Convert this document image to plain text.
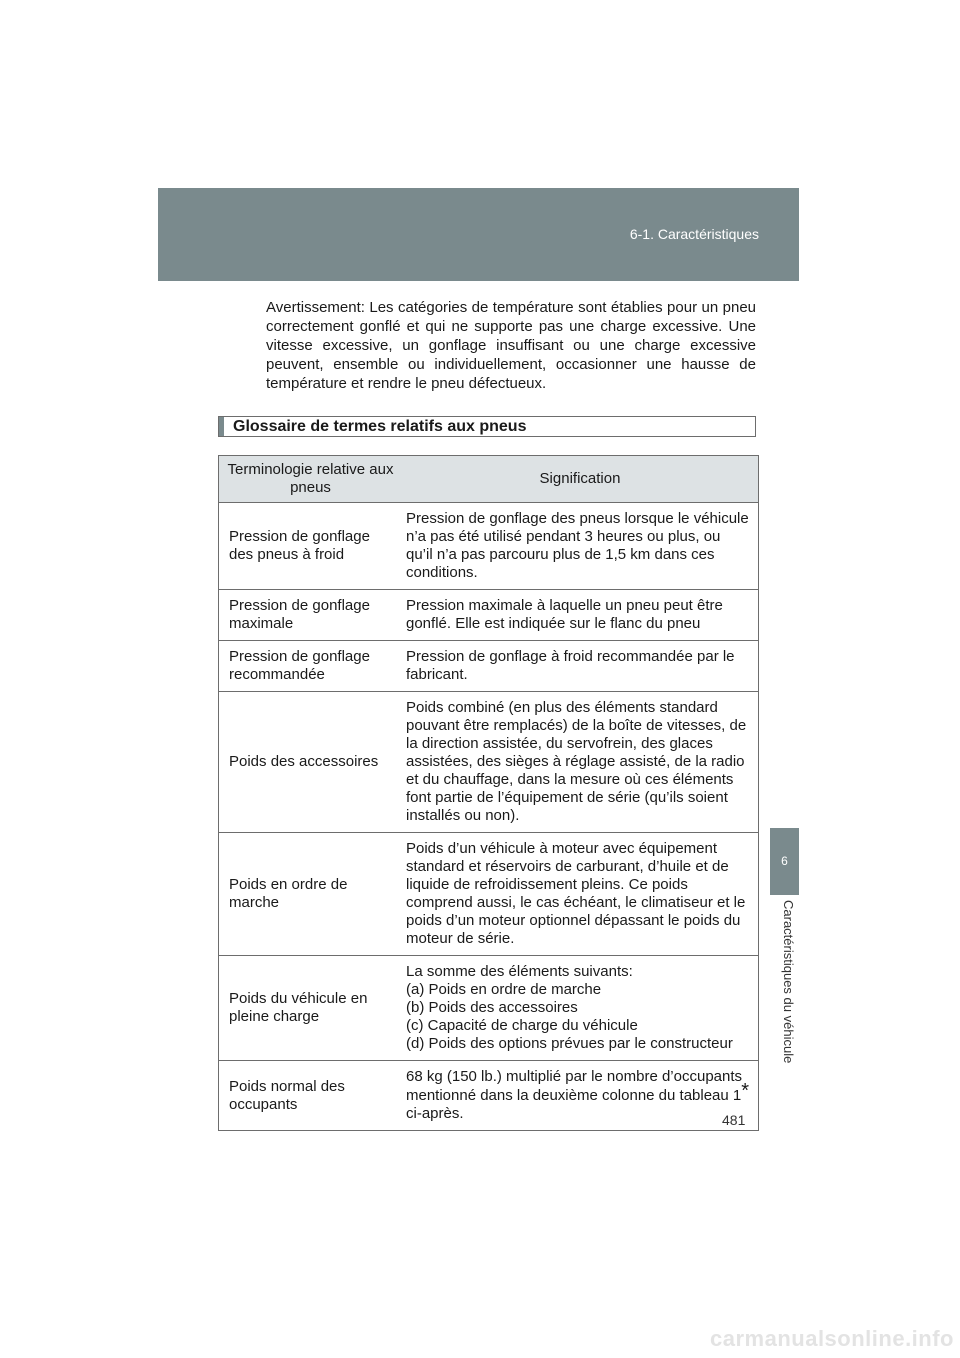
6-1. Caractéristiques
6
Caractéristiques du véhicule
Avertissement: Les catégories de température sont établies pour un pneu correctement gonflé et qui ne supporte pas une charge excessive. Une vitesse excessive, un gonflage insuffisant ou une charge excessive peuvent, ensemble ou individuellement, occasionner une hausse de température et rendre le pneu défectueux.
Glossaire de termes relatifs aux pneus
Terminologie relative aux pneus	Signification
Pression de gonflage des pneus à froid	Pression de gonflage des pneus lorsque le véhicule n’a pas été utilisé pendant 3 heures ou plus, ou qu’il n’a pas parcouru plus de 1,5 km dans ces conditions.
Pression de gonflage maximale	Pression maximale à laquelle un pneu peut être gonflé. Elle est indiquée sur le flanc du pneu
Pression de gonflage recommandée	Pression de gonflage à froid recommandée par le fabricant.
Poids des accessoires	Poids combiné (en plus des éléments standard pouvant être remplacés) de la boîte de vitesses, de la direction assistée, du servofrein, des glaces assistées, des sièges à réglage assisté, de la radio et du chauffage, dans la mesure où ces éléments font partie de l’équipement de série (qu’ils soient installés ou non).
Poids en ordre de marche	Poids d’un véhicule à moteur avec équipement standard et réservoirs de carburant, d’huile et de liquide de refroidissement pleins. Ce poids comprend aussi, le cas échéant, le climatiseur et le poids d’un moteur optionnel dépassant le poids du moteur de série.
Poids du véhicule en pleine charge	La somme des éléments suivants:
(a) Poids en ordre de marche
(b) Poids des accessoires
(c) Capacité de charge du véhicule
(d) Poids des options prévues par le constructeur

Poids normal des occupants	68 kg (150 lb.) multiplié par le nombre d’occupants mentionné dans la deuxième colonne du tableau 1* ci-après.	481
carmanualsonline.info
